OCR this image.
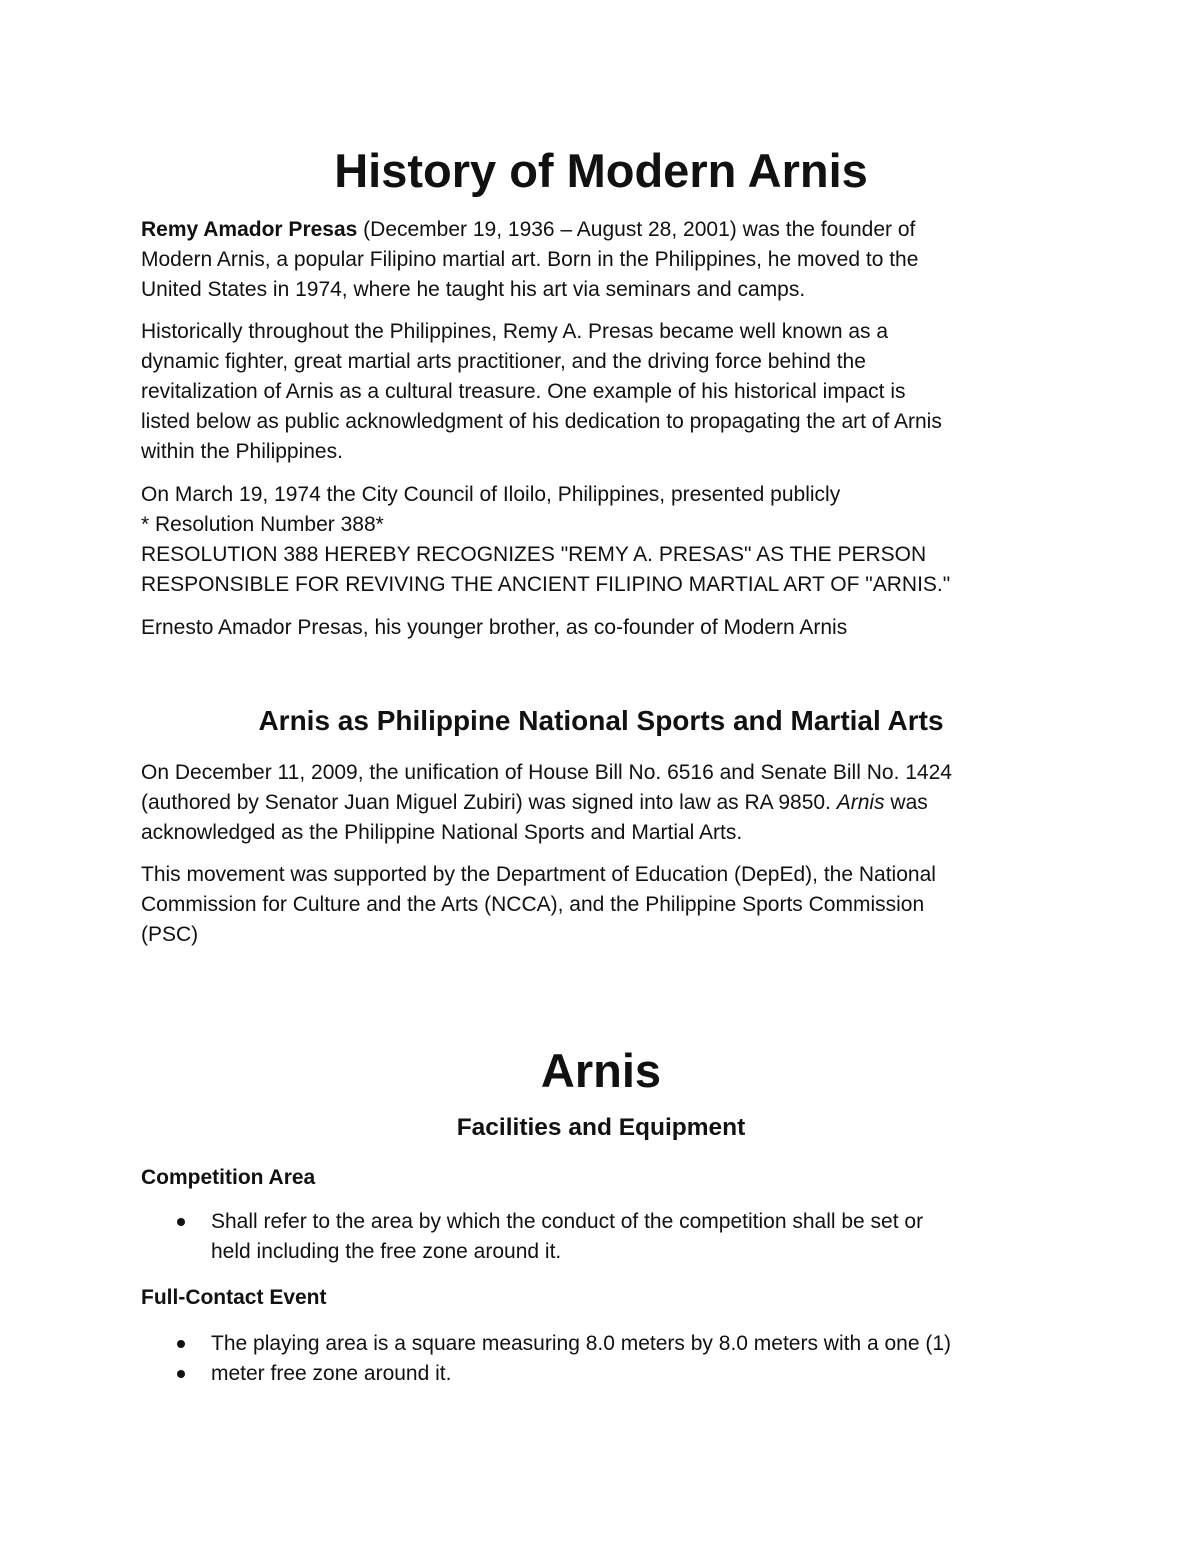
History of Modern Arnis

Remy Amador Presas (December 19, 1936 – August 28, 2001) was the founder of
Modern Arnis, a popular Filipino martial art. Born in the Philippines, he moved to the
United States in 1974, where he taught his art via seminars and camps.

Historically throughout the Philippines, Remy A. Presas became well known as a
dynamic fighter, great martial arts practitioner, and the driving force behind the
revitalization of Arnis as a cultural treasure. One example of his historical impact is
listed below as public acknowledgment of his dedication to propagating the art of Arnis
within the Philippines.

On March 19, 1974 the City Council of Iloilo, Philippines, presented publicly
* Resolution Number 388*
RESOLUTION 388 HEREBY RECOGNIZES "REMY A. PRESAS" AS THE PERSON
RESPONSIBLE FOR REVIVING THE ANCIENT FILIPINO MARTIAL ART OF "ARNIS."

Ernesto Amador Presas, his younger brother, as co-founder of Modern Arnis

Arnis as Philippine National Sports and Martial Arts

On December 11, 2009, the unification of House Bill No. 6516 and Senate Bill No. 1424
(authored by Senator Juan Miguel Zubiri) was signed into law as RA 9850. Arnis was
acknowledged as the Philippine National Sports and Martial Arts.

This movement was supported by the Department of Education (DepEd), the National
Commission for Culture and the Arts (NCCA), and the Philippine Sports Commission
(PSC)

Arnis
Facilities and Equipment
Competition Area
Shall refer to the area by which the conduct of the competition shall be set or
held including the free zone around it.
Full-Contact Event
The playing area is a square measuring 8.0 meters by 8.0 meters with a one (1)
meter free zone around it.
